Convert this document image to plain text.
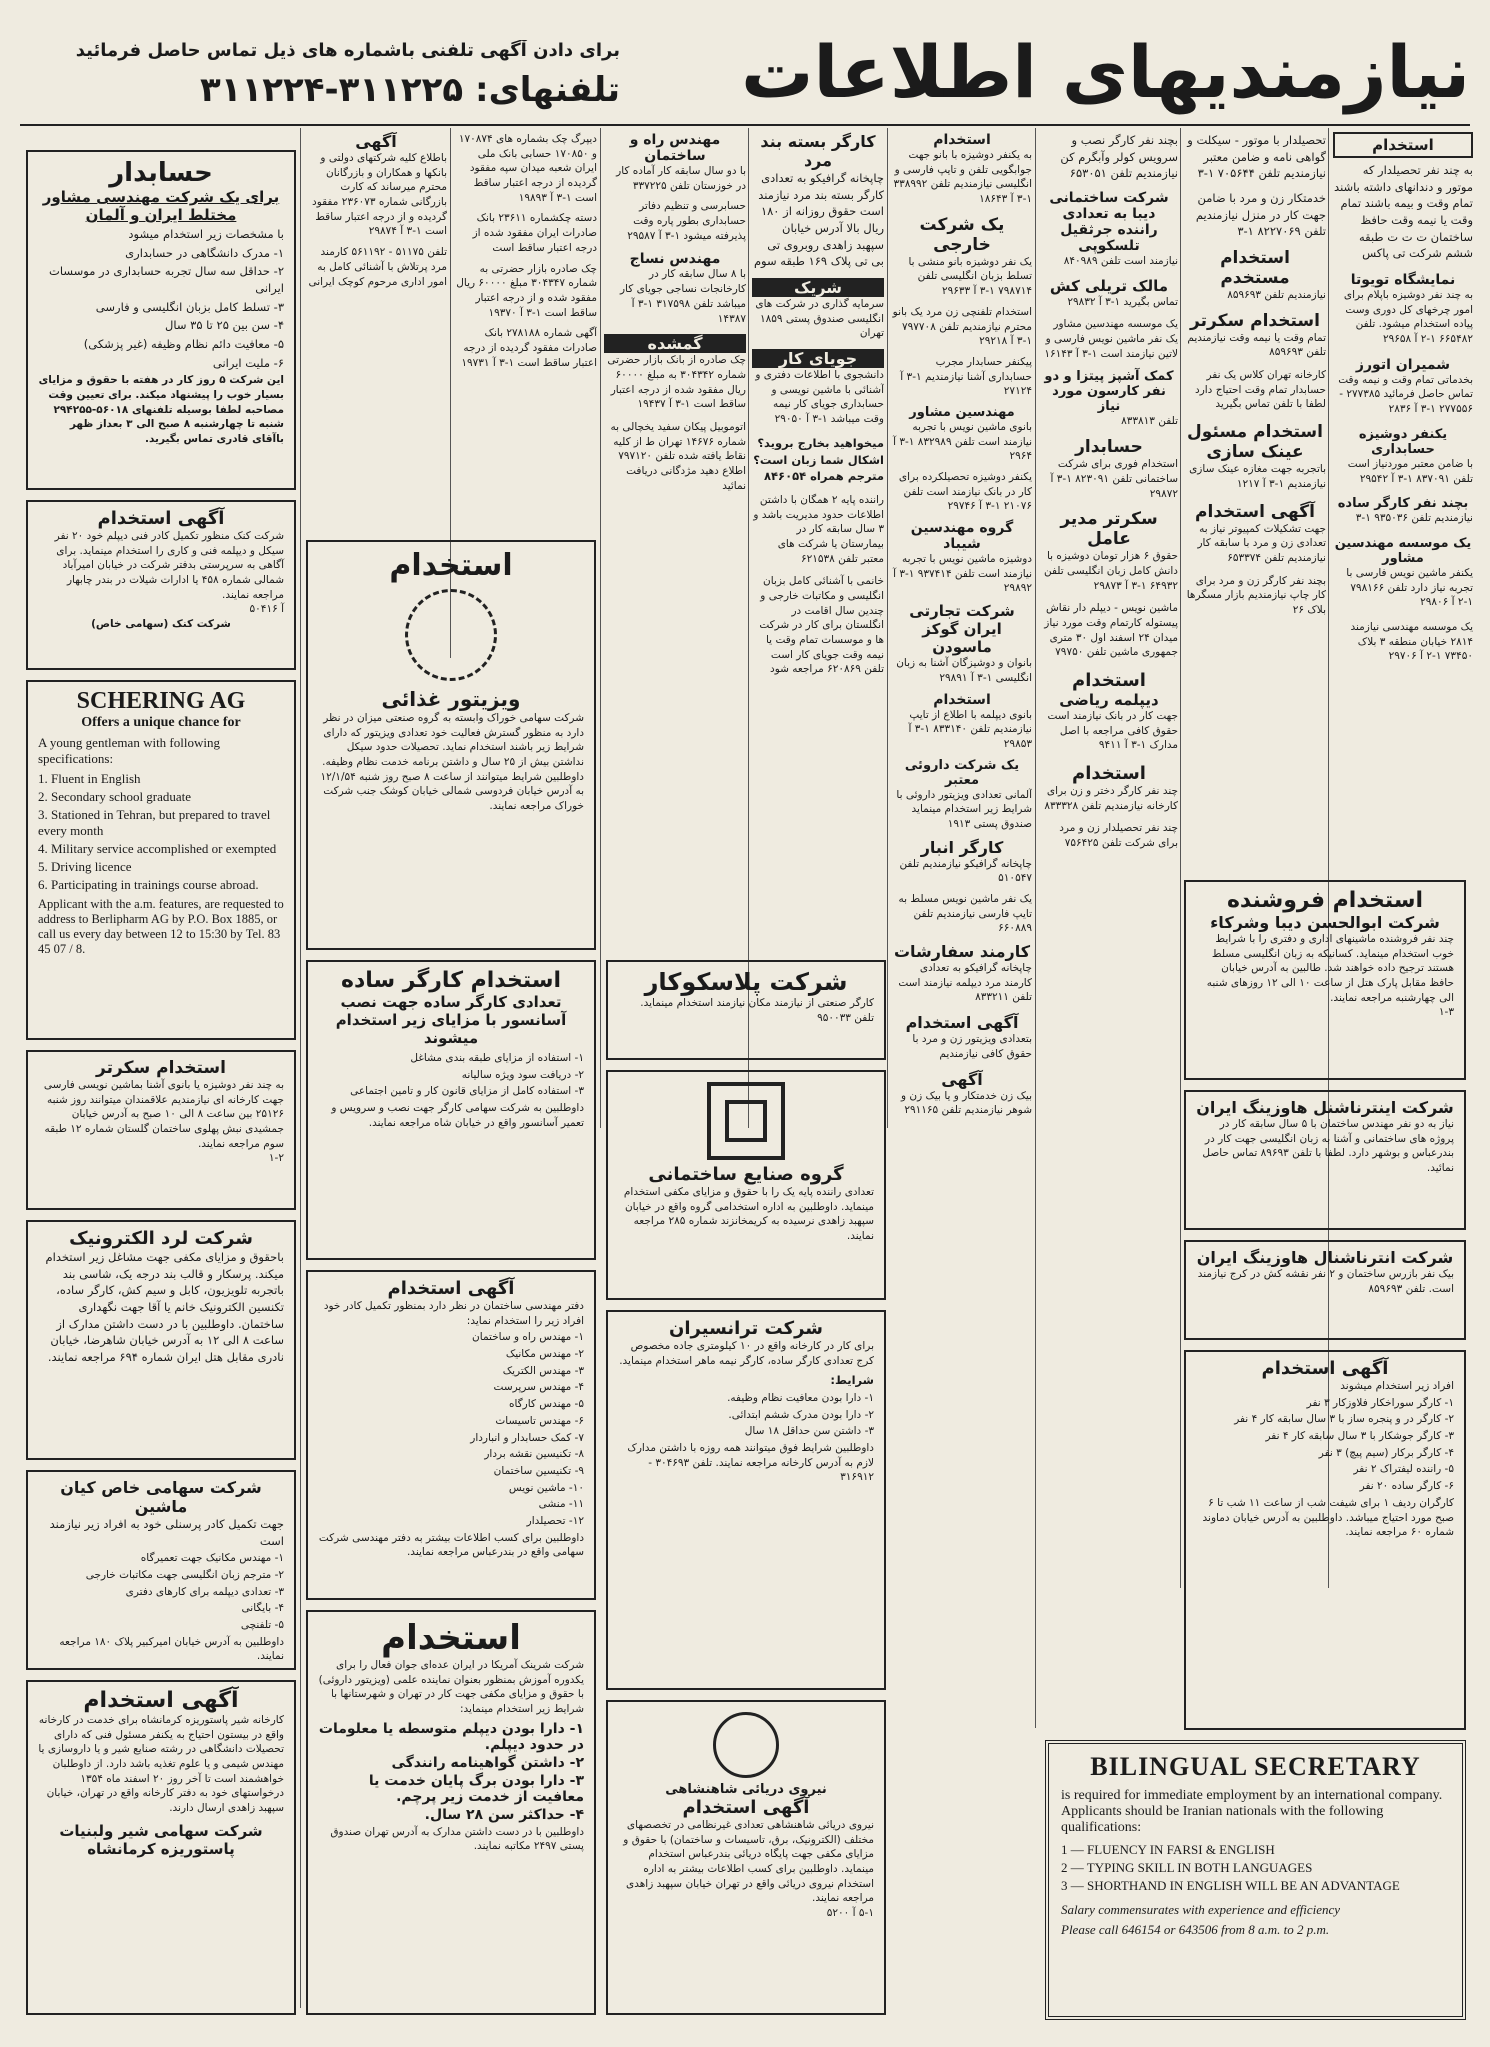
نیازمندیهای اطلاعات
برای دادن آگهی تلفنی باشماره های ذیل تماس حاصل فرمائید
تلفنهای: ۳۱۱۲۲۵-۳۱۱۲۲۴
استخدام
به چند نفر تحصیلدار که موتور و دندانهای داشته باشند تمام وقت و بیمه باشند تمام وقت یا نیمه وقت حافظ ساختمان ت ت ت طبقه ششم شرکت تی پاکس
نمایشگاه تویوتا
به چند نفر دوشیزه باپلام برای امور چرخهای کل دوری وست پیاده استخدام میشود. تلفن ۶۶۵۴۸۲ ۱-۲ آ ۲۹۶۵۸
شمیران اتورز
بخدماتی تمام وقت و نیمه وقت تماس حاصل فرمائید ۲۷۷۳۸۵ - ۲۷۷۵۵۶ ۱-۳ آ ۲۸۳۶
یکنفر دوشیزه حسابداری
با ضامن معتبر موردنیاز است تلفن ۸۳۷۰۹۱ ۱-۳ آ ۲۹۵۴۲
بچند نفر کارگر ساده
نیازمندیم تلفن ۹۳۵۰۳۶ ۱-۳
یک موسسه مهندسین مشاور
یکنفر ماشین نویس فارسی با تجربه نیاز دارد تلفن ۷۹۸۱۶۶ ۱-۲ آ ۲۹۸۰۶
یک موسسه مهندسی نیازمند ۲۸۱۴ خیابان منطقه ۳ بلاک ۷۳۴۵۰ ۱-۲ آ ۲۹۷۰۶
تحصیلدار با موتور - سیکلت و گواهی نامه و ضامن معتبر نیازمندیم تلفن ۷۰۵۶۴۴ ۱-۳
خدمتکار زن و مرد با ضامن جهت کار در منزل نیازمندیم تلفن ۸۲۲۷۰۶۹ ۱-۳
استخدام مستخدم
نیازمندیم تلفن ۸۵۹۶۹۳
استخدام سکرتر
تمام وقت یا نیمه وقت نیازمندیم تلفن ۸۵۹۶۹۳
کارخانه تهران کلاس یک نفر حسابدار تمام وقت احتیاج دارد لطفا با تلفن تماس بگیرید
استخدام مسئول عینک سازی
باتجربه جهت مغازه عینک سازی نیازمندیم ۱-۳ آ ۱۲۱۷
آگهی استخدام
جهت تشکیلات کمپیوتر نیاز به تعدادی زن و مرد با سابقه کار نیازمندیم تلفن ۶۵۳۳۷۴
بچند نفر کارگر زن و مرد برای کار چاپ نیازمندیم بازار مسگرها بلاک ۲۶
بچند نفر کارگر نصب و سرویس کولر وآبگرم کن نیازمندیم تلفن ۶۵۳۰۵۱
شرکت ساختمانی دیبا به تعدادی راننده جرثقیل تلسکوپی
نیازمند است تلفن ۸۴۰۹۸۹
مالک تریلی کش
تماس بگیرید ۱-۳ آ ۲۹۸۳۲
یک موسسه مهندسین مشاور یک نفر ماشین نویس فارسی و لاتین نیازمند است ۱-۳ آ ۱۶۱۴۳
کمک آشپز پیتزا و دو نفر کارسون مورد نیاز
تلفن ۸۳۳۸۱۳
حسابدار
استخدام فوری برای شرکت ساختمانی تلفن ۸۲۳۰۹۱ ۱-۳ آ ۲۹۸۷۲
سکرتر مدیر عامل
حقوق ۶ هزار تومان دوشیزه با دانش کامل زبان انگلیسی تلفن ۶۴۹۳۲ ۱-۳ آ ۲۹۸۷۳
ماشین نویس - دیپلم دار نقاش پیستوله کارتمام وقت مورد نیاز میدان ۲۴ اسفند اول ۳۰ متری جمهوری ماشین تلفن ۷۹۷۵۰
استخدام
دیپلمه ریاضی
جهت کار در بانک نیازمند است حقوق کافی مراجعه با اصل مدارک ۱-۳ آ ۹۴۱۱
استخدام
چند نفر کارگر دختر و زن برای کارخانه نیازمندیم تلفن ۸۳۳۳۲۸
چند نفر تحصیلدار زن و مرد برای شرکت تلفن ۷۵۶۴۲۵
استخدام
به یکنفر دوشیزه با بانو جهت جوابگویی تلفن و تایپ فارسی و انگلیسی نیازمندیم تلفن ۳۳۸۹۹۲ ۱-۳ آ ۱۸۶۴۳
یک شرکت خارجی
یک نفر دوشیزه بانو منشی با تسلط بزبان انگلیسی تلفن ۷۹۸۷۱۴ ۱-۳ آ ۲۹۶۳۳
استخدام تلفنچی زن مرد یک بانو محترم نیازمندیم تلفن ۷۹۷۷۰۸ ۱-۳ آ ۲۹۲۱۸
پیکنفر حسابدار مجرب حسابداری آشنا نیازمندیم ۱-۳ آ ۲۷۱۲۴
مهندسین مشاور
بانوی ماشین نویس با تجربه نیازمند است تلفن ۸۳۲۹۸۹ ۱-۳ آ ۲۹۶۴
یکنفر دوشیزه تحصیلکرده برای کار در بانک نیازمند است تلفن ۲۱۰۷۶ ۱-۳ آ ۲۹۷۴۶
گروه مهندسین شیباد
دوشیزه ماشین نویس با تجربه نیازمند است تلفن ۹۳۷۴۱۴ ۱-۳ آ ۲۹۸۹۲
شرکت تجارتی ایران گوکز ماسودن
بانوان و دوشیزگان آشنا به زبان انگلیسی ۱-۳ آ ۲۹۸۹۱
استخدام
بانوی دیپلمه با اطلاع از تایپ نیازمندیم تلفن ۸۳۳۱۴۰ ۱-۳ آ ۲۹۸۵۳
یک شرکت داروئی معتبر
آلمانی تعدادی ویزیتور داروئی با شرایط زیر استخدام مینماید صندوق پستی ۱۹۱۳
کارگر انبار
چاپخانه گرافیکو نیازمندیم تلفن ۵۱۰۵۴۷
یک نفر ماشین نویس مسلط به تایپ فارسی نیازمندیم تلفن ۶۶۰۸۸۹
کارمند سفارشات
چاپخانه گرافیکو به تعدادی کارمند مرد دیپلمه نیازمند است تلفن ۸۳۳۲۱۱
آگهی استخدام
بتعدادی ویزیتور زن و مرد با حقوق کافی نیازمندیم
آگهی
بیک زن خدمتکار و یا بیک زن و شوهر نیازمندیم تلفن ۲۹۱۱۶۵
کارگر بسته بند مرد
چاپخانه گرافیکو به تعدادی کارگر بسته بند مرد نیازمند است حقوق روزانه از ۱۸۰ ریال بالا آدرس خیابان سپهبد زاهدی روبروی تی بی تی پلاک ۱۶۹ طبقه سوم
شریک
سرمایه گذاری در شرکت های انگلیسی صندوق پستی ۱۸۵۹ تهران
جویای کار
دانشجوی با اطلاعات دفتری و آشنائی با ماشین نویسی و حسابداری جویای کار نیمه وقت میباشد ۱-۳ آ ۲۹۰۵۰
میخواهید بخارج بروید؟ اشکال شما زبان است؟ مترجم همراه ۸۴۶۰۵۴
راننده پایه ۲ همگان با داشتن اطلاعات حدود مدیریت باشد و ۳ سال سابقه کار در بیمارستان یا شرکت های معتبر تلفن ۶۲۱۵۳۸
خانمی با آشنائی کامل بزبان انگلیسی و مکاتبات خارجی و چندین سال اقامت در انگلستان برای کار در شرکت ها و موسسات تمام وقت یا نیمه وقت جویای کار است تلفن ۶۲۰۸۶۹ مراجعه شود
مهندس راه و ساختمان
با دو سال سابقه کار آماده کار در خوزستان تلفن ۳۳۷۲۲۵
حسابرسی و تنظیم دفاتر حسابداری بطور پاره وقت پذیرفته میشود ۱-۳ آ ۲۹۵۸۷
مهندس نساج
با ۸ سال سابقه کار در کارخانجات نساجی جویای کار میباشد تلفن ۳۱۷۵۹۸ ۱-۳ آ ۱۴۳۸۷
گمشده
چک صادره از بانک بازار حضرتی شماره ۳۰۴۳۴۲ به مبلغ ۶۰۰۰۰ ریال مفقود شده از درجه اعتبار ساقط است ۱-۳ آ ۱۹۴۳۷
اتوموبیل پیکان سفید یخچالی به شماره ۱۴۶۷۶ تهران ط از کلیه نقاط یافته شده تلفن ۷۹۷۱۲۰ اطلاع دهید مژدگانی دریافت نمائید
دیپرگ چک بشماره های ۱۷۰۸۷۴ و ۱۷۰۸۵۰ حسابی بانک ملی ایران شعبه میدان سپه مفقود گردیده از درجه اعتبار ساقط است ۱-۳ آ ۱۹۸۹۳
دسته چکشماره ۲۳۶۱۱ بانک صادرات ایران مفقود شده از درجه اعتبار ساقط است
چک صادره بازار حضرتی به شماره ۳۰۴۳۴۷ مبلغ ۶۰۰۰۰ ریال مفقود شده و از درجه اعتبار ساقط است ۱-۳ آ ۱۹۳۷۰
آگهی شماره ۲۷۸۱۸۸ بانک صادرات مفقود گردیده از درجه اعتبار ساقط است ۱-۳ آ ۱۹۷۳۱
آگهی
باطلاع کلیه شرکتهای دولتی و بانکها و همکاران و بازرگانان محترم میرساند که کارت بازرگانی شماره ۲۳۶۰۷۳ مفقود گردیده و از درجه اعتبار ساقط است ۱-۳ آ ۲۹۸۷۴
تلفن ۵۱۱۷۵ - ۵۶۱۱۹۲ کارمند مرد پرتلاش با آشنائی کامل به امور اداری مرحوم کوچک ایرانی
حسابدار
برای یک شرکت مهندسی مشاور مختلط ایران و آلمان
با مشخصات زیر استخدام میشود
۱- مدرک دانشگاهی در حسابداری
۲- حداقل سه سال تجربه حسابداری در موسسات ایرانی
۳- تسلط کامل بزبان انگلیسی و فارسی
۴- سن بین ۲۵ تا ۳۵ سال
۵- معافیت دائم نظام وظیفه (غیر پزشکی)
۶- ملیت ایرانی
این شرکت ۵ روز کار در هفته با حقوق و مزایای بسیار خوب را پیشنهاد میکند. برای تعیین وقت مصاحبه لطفا بوسیله تلفنهای ۵۶۰۱۸-۲۹۴۲۵۵ شنبه تا چهارشنبه ۸ صبح الی ۳ بعداز ظهر باآقای قادری تماس بگیرید.
آگهی استخدام
شرکت کنک منظور تکمیل کادر فنی دیپلم خود ۲۰ نفر سیکل و دیپلمه فنی و کاری را استخدام مینماید. برای آگاهی به سرپرستی بدفتر شرکت در خیابان امیرآباد شمالی شماره ۴۵۸ یا ادارات شیلات در بندر چابهار مراجعه نمایند.
آ ۵۰۴۱۶
شرکت کنک (سهامی خاص)
SCHERING AG
Offers a unique chance for
A young gentleman with following specifications:
1. Fluent in English
2. Secondary school graduate
3. Stationed in Tehran, but prepared to travel every month
4. Military service accomplished or exempted
5. Driving licence
6. Participating in trainings course abroad.
Applicant with the a.m. features, are requested to address to Berlipharm AG by P.O. Box 1885, or call us every day between 12 to 15:30 by Tel. 83 45 07 / 8.
استخدام سکرتر
به چند نفر دوشیزه یا بانوی آشنا بماشین نویسی فارسی جهت کارخانه ای نیازمندیم علاقمندان میتوانند روز شنبه ۲۵۱۲۶ بین ساعت ۸ الی ۱۰ صبح به آدرس خیابان جمشیدی نبش پهلوی ساختمان گلستان شماره ۱۲ طبقه سوم مراجعه نمایند.
۱-۲
شرکت لرد الکترونیک
باحقوق و مزایای مکفی جهت مشاغل زیر استخدام میکند. پرسکار و قالب بند درجه یک، شاسی بند باتجربه تلویزیون، کابل و سیم کش، کارگر ساده، تکنسین الکترونیک خانم یا آقا جهت نگهداری ساختمان. داوطلبین با در دست داشتن مدارک از ساعت ۸ الی ۱۲ به آدرس خیابان شاهرضا، خیابان نادری مقابل هتل ایران شماره ۶۹۴ مراجعه نمایند.
شرکت سهامی خاص کیان ماشین
جهت تکمیل کادر پرسنلی خود به افراد زیر نیازمند است
۱- مهندس مکانیک جهت تعمیرگاه
۲- مترجم زبان انگلیسی جهت مکاتبات خارجی
۳- تعدادی دیپلمه برای کارهای دفتری
۴- بایگانی
۵- تلفنچی
داوطلبین به آدرس خیابان امیرکبیر پلاک ۱۸۰ مراجعه نمایند.
آگهی استخدام
کارخانه شیر پاستوریزه کرمانشاه برای خدمت در کارخانه واقع در بیستون احتیاج به یکنفر مسئول فنی که دارای تحصیلات دانشگاهی در رشته صنایع شیر و یا داروسازی یا مهندس شیمی و یا علوم تغذیه باشد دارد. از داوطلبان خواهشمند است تا آخر روز ۲۰ اسفند ماه ۱۳۵۴ درخواستهای خود به دفتر کارخانه واقع در تهران، خیابان سپهبد زاهدی ارسال دارند.
شرکت سهامی شیر ولبنیات پاستوریزه کرمانشاه
استخدام
ویزیتور غذائی
شرکت سهامی خوراک وابسته به گروه صنعتی میزان در نظر دارد به منظور گسترش فعالیت خود تعدادی ویزیتور که دارای شرایط زیر باشند استخدام نماید. تحصیلات حدود سیکل نداشتن بیش از ۲۵ سال و داشتن برنامه خدمت نظام وظیفه. داوطلبین شرایط میتوانند از ساعت ۸ صبح روز شنبه ۱۲/۱/۵۴ به آدرس خیابان فردوسی شمالی خیابان کوشک جنب شرکت خوراک مراجعه نمایند.
استخدام کارگر ساده
تعدادی کارگر ساده جهت نصب آسانسور با مزایای زیر استخدام میشوند
۱- استفاده از مزایای طبقه بندی مشاغل
۲- دریافت سود ویژه سالیانه
۳- استفاده کامل از مزایای قانون کار و تامین اجتماعی
داوطلبین به شرکت سهامی کارگر جهت نصب و سرویس و تعمیر آسانسور واقع در خیابان شاه مراجعه نمایند.
آگهی استخدام
دفتر مهندسی ساختمان در نظر دارد بمنظور تکمیل کادر خود افراد زیر را استخدام نماید:
۱- مهندس راه و ساختمان
۲- مهندس مکانیک
۳- مهندس الکتریک
۴- مهندس سرپرست
۵- مهندس کارگاه
۶- مهندس تاسیسات
۷- کمک حسابدار و انباردار
۸- تکنیسین نقشه بردار
۹- تکنیسین ساختمان
۱۰- ماشین نویس
۱۱- منشی
۱۲- تحصیلدار
داوطلبین برای کسب اطلاعات بیشتر به دفتر مهندسی شرکت سهامی واقع در بندرعباس مراجعه نمایند.
استخدام
شرکت شرینک آمریکا در ایران عده‌ای جوان فعال را برای یکدوره آموزش بمنظور بعنوان نماینده علمی (ویزیتور داروئی) با حقوق و مزایای مکفی جهت کار در تهران و شهرستانها با شرایط زیر استخدام مینماید:
۱- دارا بودن دیپلم متوسطه یا معلومات در حدود دیپلم.
۲- داشتن گواهینامه رانندگی
۳- دارا بودن برگ پایان خدمت یا معافیت از خدمت زیر پرچم.
۴- حداکثر سن ۲۸ سال.
داوطلبین با در دست داشتن مدارک به آدرس تهران صندوق پستی ۲۴۹۷ مکاتبه نمایند.
شرکت پلاسکوکار
کارگر صنعتی از نیازمند مکان نیازمند استخدام مینماید. تلفن ۹۵۰۰۳۳
گروه صنایع ساختمانی
تعدادی راننده پایه یک را با حقوق و مزایای مکفی استخدام مینماید. داوطلبین به اداره استخدامی گروه واقع در خیابان سپهبد زاهدی نرسیده به کریمخانزند شماره ۲۸۵ مراجعه نمایند.
شرکت ترانسیران
برای کار در کارخانه واقع در ۱۰ کیلومتری جاده مخصوص کرج تعدادی کارگر ساده، کارگر نیمه ماهر استخدام مینماید.
شرایط:
۱- دارا بودن معافیت نظام وظیفه.
۲- دارا بودن مدرک ششم ابتدائی.
۳- داشتن سن حداقل ۱۸ سال
داوطلبین شرایط فوق میتوانند همه روزه با داشتن مدارک لازم به آدرس کارخانه مراجعه نمایند. تلفن ۳۰۴۶۹۳ - ۳۱۶۹۱۲
نیروی دریائی شاهنشاهی
آگهی استخدام
نیروی دریائی شاهنشاهی تعدادی غیرنظامی در تخصصهای مختلف (الکترونیک، برق، تاسیسات و ساختمان) با حقوق و مزایای مکفی جهت پایگاه دریائی بندرعباس استخدام مینماید. داوطلبین برای کسب اطلاعات بیشتر به اداره استخدام نیروی دریائی واقع در تهران خیابان سپهبد زاهدی مراجعه نمایند.
۵-۱ آ ۵۲۰۰
استخدام فروشنده
شرکت ابوالحسن دیبا وشرکاء
چند نفر فروشنده ماشینهای اداری و دفتری را با شرایط خوب استخدام مینماید. کسانیکه به زبان انگلیسی مسلط هستند ترجیح داده خواهند شد. طالبین به آدرس خیابان حافظ مقابل پارک هتل از ساعت ۱۰ الی ۱۲ روزهای شنبه الی چهارشنبه مراجعه نمایند.
۱-۳
شرکت اینترناشنل هاوزینگ ایران
نیاز به دو نفر مهندس ساختمان با ۵ سال سابقه کار در پروژه های ساختمانی و آشنا به زبان انگلیسی جهت کار در بندرعباس و بوشهر دارد. لطفا با تلفن ۸۹۶۹۳ تماس حاصل نمائید.
شرکت انترناشنال هاوزینگ ایران
بیک نفر بازرس ساختمان و ۲ نفر نقشه کش در کرج نیازمند است. تلفن ۸۵۹۶۹۳
آگهی استخدام
افراد زیر استخدام میشوند
۱- کارگر سوراخکار فلاوزکار ۳ نفر
۲- کارگر در و پنجره ساز با ۳ سال سابقه کار ۴ نفر
۳- کارگر جوشکار با ۳ سال سابقه کار ۴ نفر
۴- کارگر برکار (سیم پیچ) ۳ نفر
۵- راننده لیفتراک ۲ نفر
۶- کارگر ساده ۲۰ نفر
کارگران ردیف ۱ برای شیفت شب از ساعت ۱۱ شب تا ۶ صبح مورد احتیاج میباشد. داوطلبین به آدرس خیابان دماوند شماره ۶۰ مراجعه نمایند.
BILINGUAL SECRETARY
is required for immediate employment by an international company. Applicants should be Iranian nationals with the following qualifications:
1 — FLUENCY IN FARSI & ENGLISH
2 — TYPING SKILL IN BOTH LANGUAGES
3 — SHORTHAND IN ENGLISH WILL BE AN ADVANTAGE
Salary commensurates with experience and efficiency
Please call 646154 or 643506 from 8 a.m. to 2 p.m.
